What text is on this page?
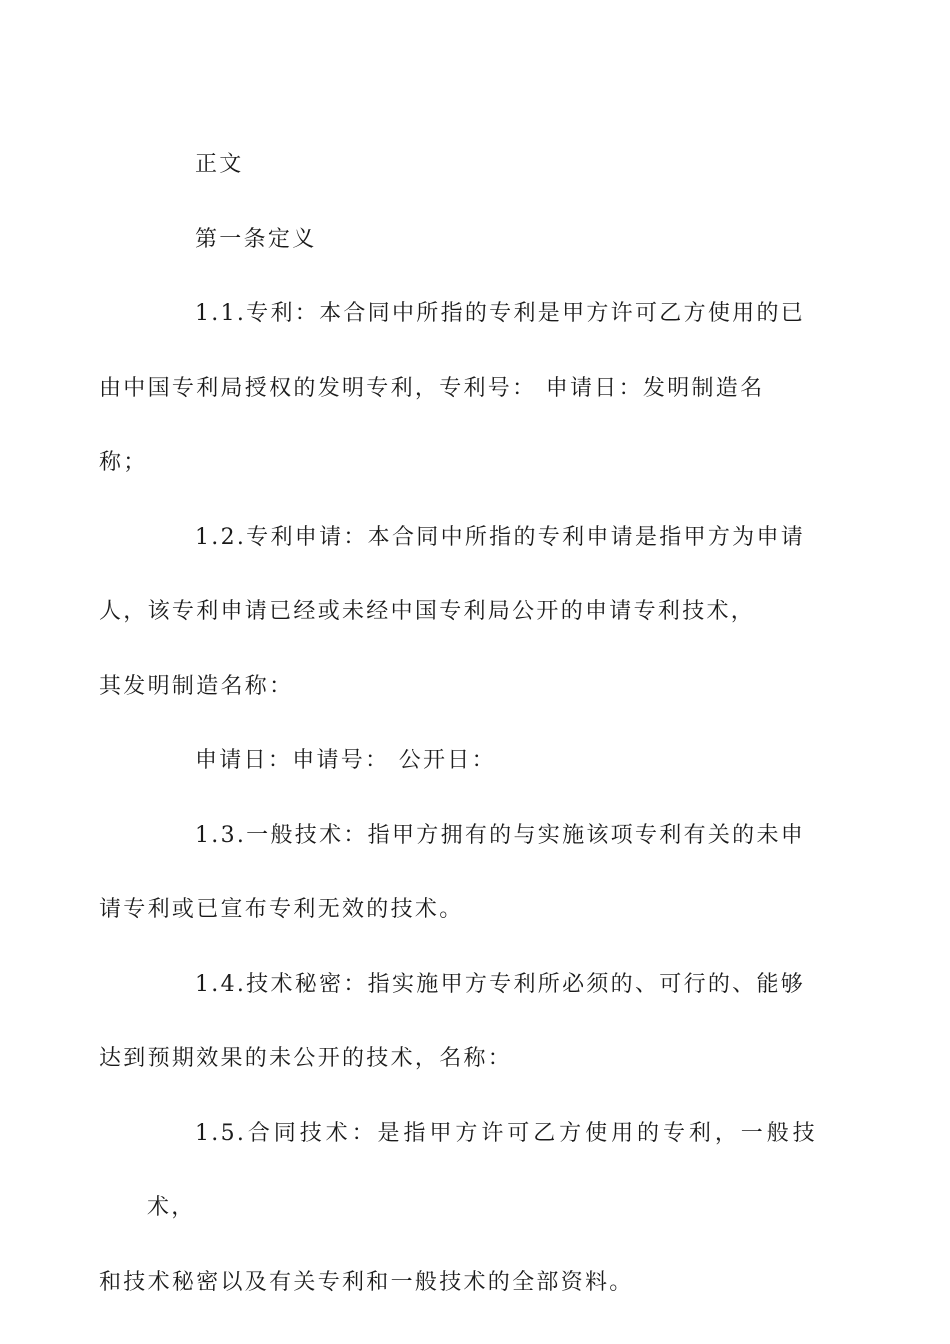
正文

第一条定义

1.1.专利：本合同中所指的专利是甲方许可乙方使用的已
由中国专利局授权的发明专利，专利号： 申请日：发明制造名
称；

1.2.专利申请：本合同中所指的专利申请是指甲方为申请
人，该专利申请已经或未经中国专利局公开的申请专利技术，
其发明制造名称：

申请日：申请号： 公开日：

1.3.一般技术：指甲方拥有的与实施该项专利有关的未申
请专利或已宣布专利无效的技术。

1.4.技术秘密：指实施甲方专利所必须的、可行的、能够
达到预期效果的未公开的技术，名称：

1.5.合同技术：是指甲方许可乙方使用的专利，一般技术，
和技术秘密以及有关专利和一般技术的全部资料。
